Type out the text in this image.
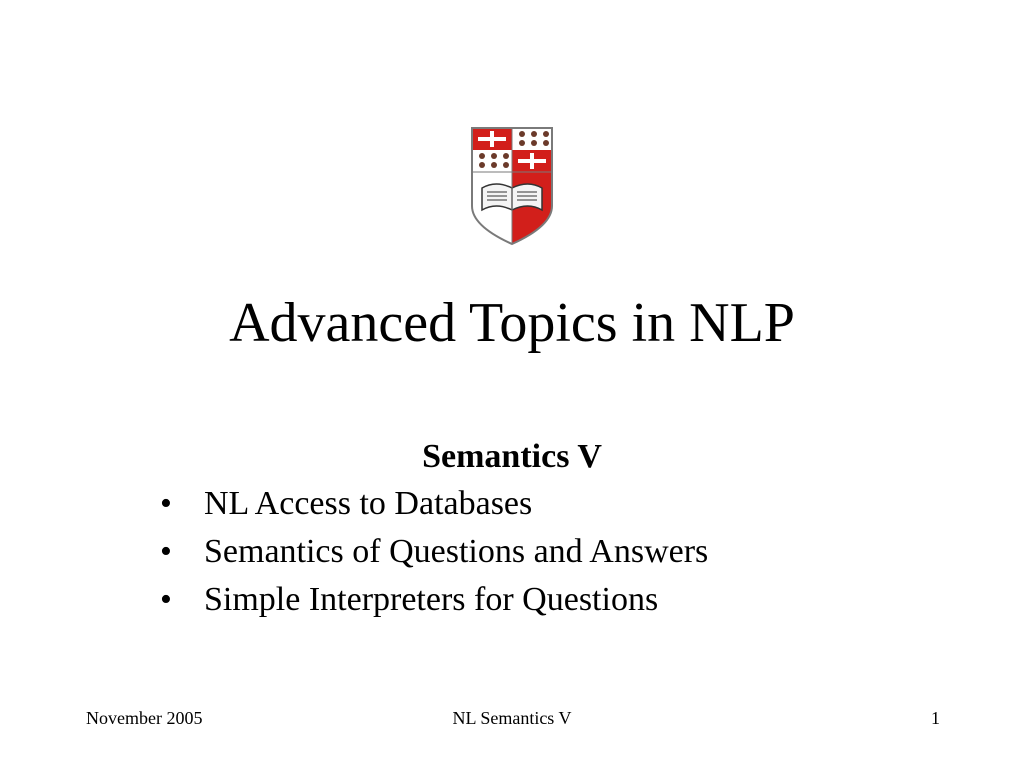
Advanced Topics in NLP
Semantics V
• NL Access to Databases
• Semantics of Questions and Answers
• Simple Interpreters for Questions
November 2005	NL Semantics V	1
